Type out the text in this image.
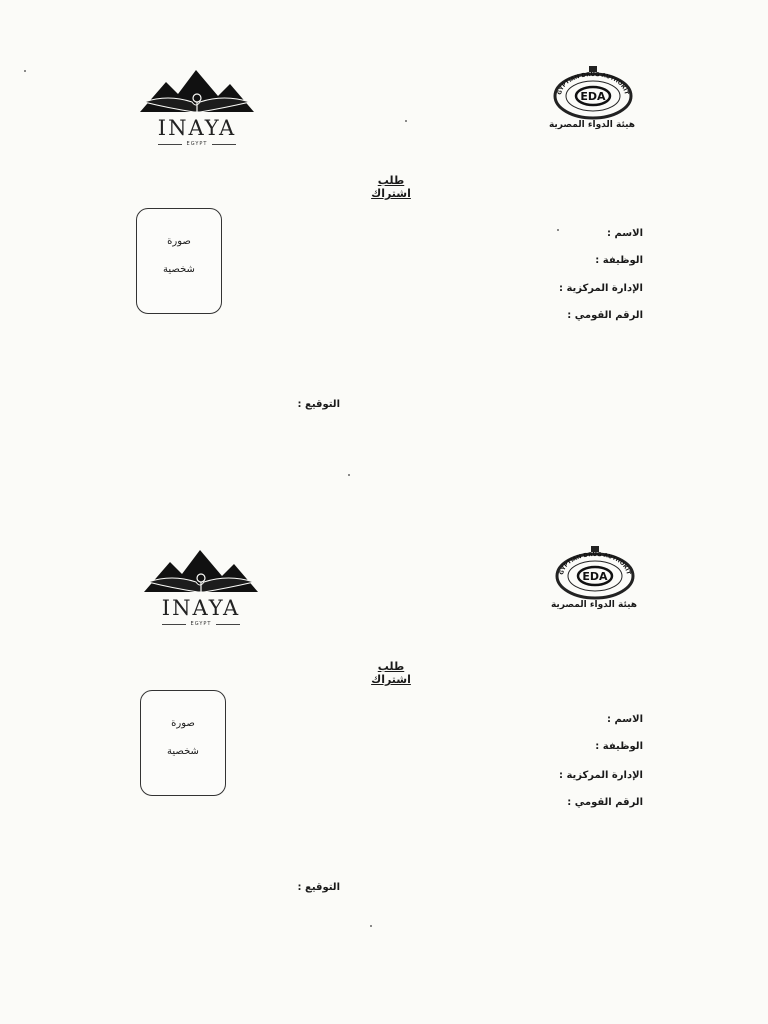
INAYA
EGYPT
EDA
GYPTIAN DRUG AUTHORIT
هيئة الدواء المصرية
طلب اشتراك
صورة
شخصية
الاسم :
الوظيفة :
الإدارة المركزية :
الرقم القومي :
التوقيع :
INAYA
EGYPT
EDA
GYPTIAN DRUG AUTHORIT
هيئة الدواء المصرية
طلب اشتراك
صورة
شخصية
الاسم :
الوظيفة :
الإدارة المركزية :
الرقم القومي :
التوقيع :
